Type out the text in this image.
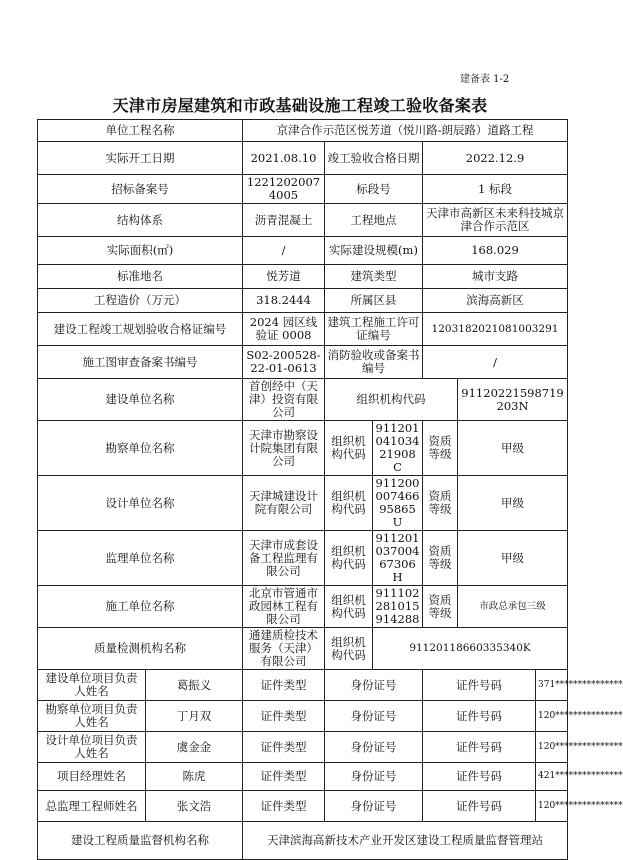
建备表 1-2
天津市房屋建筑和市政基础设施工程竣工验收备案表
单位工程名称		京津合作示范区悦芳道（悦川路-朗辰路）道路工程					
实际开工日期		2021.08.10	竣工验收合格日期		2022.12.9		
招标备案号		12212020074005	标段号		1 标段		
结构体系		沥青混凝土	工程地点		天津市高新区未来科技城京津合作示范区		
实际面积(㎡)		/	实际建设规模(m)		168.029		
标准地名		悦芳道	建筑类型		城市支路		
工程造价（万元）		318.2444	所属区县		滨海高新区		
建设工程竣工规划验收合格证编号		2024 园区线验证 0008	建筑工程施工许可证编号		1203182021081003291		
施工图审查备案书编号		S02-200528-22-01-0613	消防验收或备案书编号		/		
建设单位名称		首创经中（天津）投资有限公司	组织机构代码			91120221598719203N	
勘察单位名称		天津市勘察设计院集团有限公司	组织机构代码	91120104103421908C	资质等级	甲级	
设计单位名称		天津城建设计院有限公司	组织机构代码	91120000746695865U	资质等级	甲级	
监理单位名称		天津市成套设备工程监理有限公司	组织机构代码	91120103700467306H	资质等级	甲级	
施工单位名称		北京市管通市政园林工程有限公司	组织机构代码	911102281015914288	资质等级	市政总承包三级	
质量检测机构名称		通建质检技术服务（天津）有限公司	组织机构代码	91120118660335340K			
建设单位项目负责人姓名	葛振义	证件类型	身份证号		证件号码		371***************
勘察单位项目负责人姓名	丁月双	证件类型	身份证号		证件号码		120***************
设计单位项目负责人姓名	虞金金	证件类型	身份证号		证件号码		120***************
项目经理姓名	陈虎	证件类型	身份证号		证件号码		421***************
总监理工程师姓名	张文浩	证件类型	身份证号		证件号码		120***************
建设工程质量监督机构名称		天津滨海高新技术产业开发区建设工程质量监督管理站					
